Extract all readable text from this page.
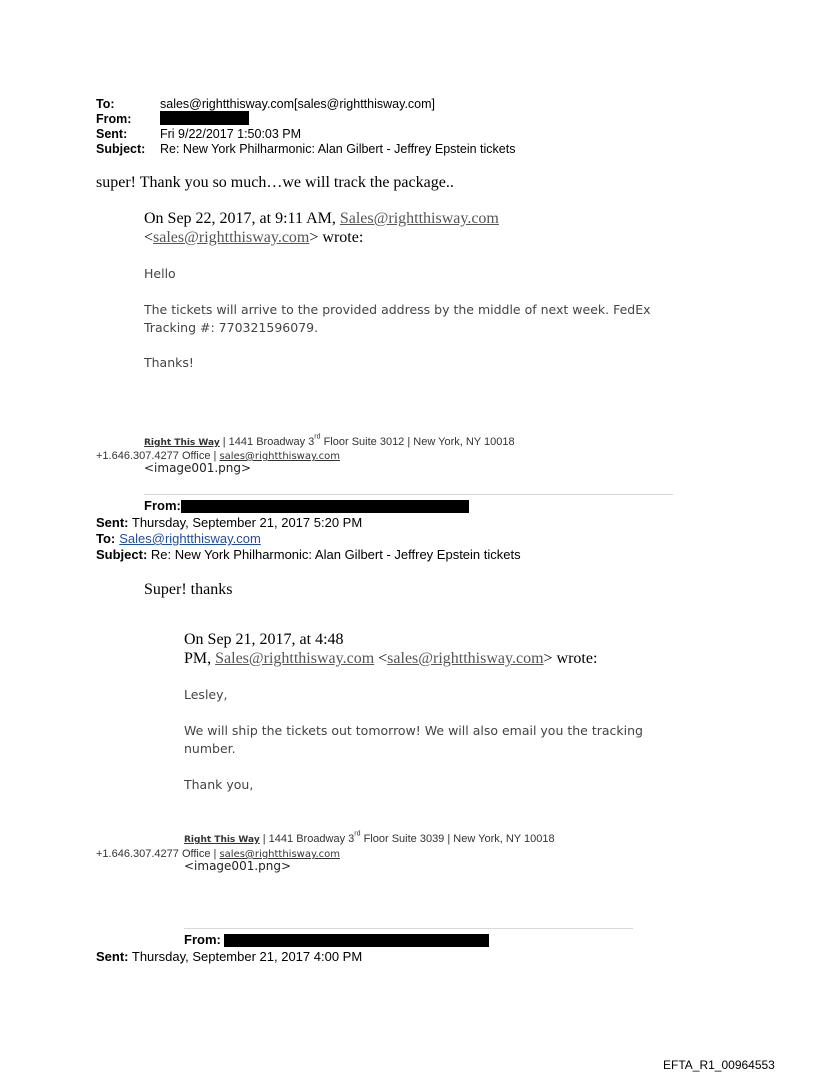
To:	sales@rightthisway.com[sales@rightthisway.com]
From:
Sent:	Fri 9/22/2017 1:50:03 PM
Subject: Re: New York Philharmonic: Alan Gilbert - Jeffrey Epstein tickets
super! Thank you so much…we will track the package..
On Sep 22, 2017, at 9:11 AM, Sales@rightthisway.com
<sales@rightthisway.com> wrote:
Hello
The tickets will arrive to the provided address by the middle of next week. FedEx
Tracking #: 770321596079.
Thanks!
Right This Way | 1441 Broadway 3rd Floor Suite 3012 | New York, NY 10018
+1.646.307.4277 Office | sales@rightthisway.com
<image001.png>
From:
Sent: Thursday, September 21, 2017 5:20 PM
To: Sales@rightthisway.com
Subject: Re: New York Philharmonic: Alan Gilbert - Jeffrey Epstein tickets
Super! thanks
On Sep 21, 2017, at 4:48
PM, Sales@rightthisway.com <sales@rightthisway.com> wrote:
Lesley,
We will ship the tickets out tomorrow! We will also email you the tracking
number.
Thank you,
Right This Way | 1441 Broadway 3rd Floor Suite 3039 | New York, NY 10018
+1.646.307.4277 Office | sales@rightthisway.com
<image001.png>
From:
Sent: Thursday, September 21, 2017 4:00 PM
EFTA_R1_00964553
